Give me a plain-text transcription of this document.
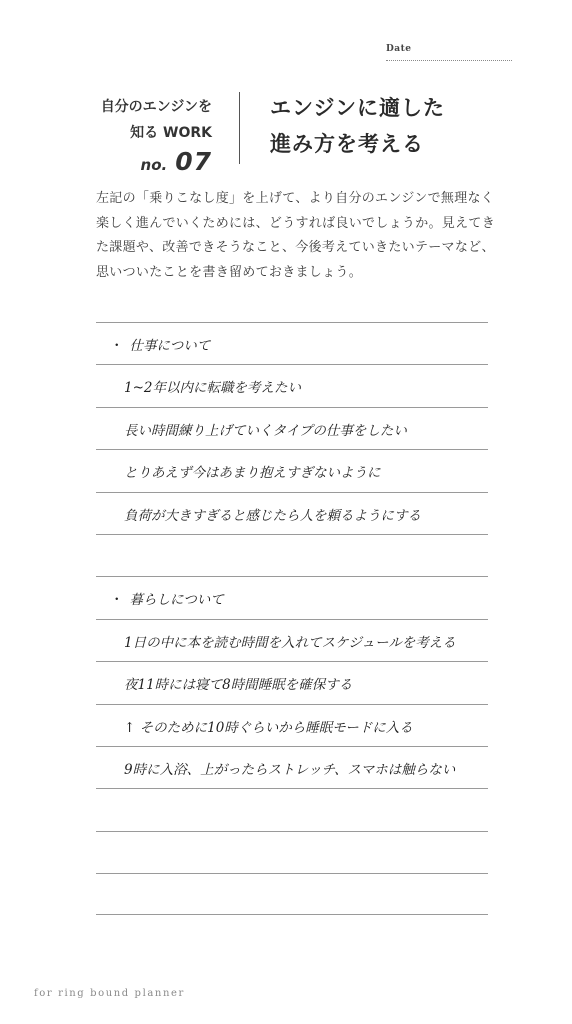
Date
自分のエンジンを
知る WORK
no. 07
エンジンに適した
進み方を考える
左記の「乗りこなし度」を上げて、より自分のエンジンで無理なく
楽しく進んでいくためには、どうすれば良いでしょうか。見えてき
た課題や、改善できそうなこと、今後考えていきたいテーマなど、
思いついたことを書き留めておきましょう。
・ 仕事について
1~2年以内に転職を考えたい
長い時間練り上げていくタイプの仕事をしたい
とりあえず今はあまり抱えすぎないように
負荷が大きすぎると感じたら人を頼るようにする
・ 暮らしについて
1日の中に本を読む時間を入れてスケジュールを考える
夜11時には寝て8時間睡眠を確保する
↑ そのために10時ぐらいから睡眠モードに入る
9時に入浴、上がったらストレッチ、スマホは触らない
for ring bound planner
